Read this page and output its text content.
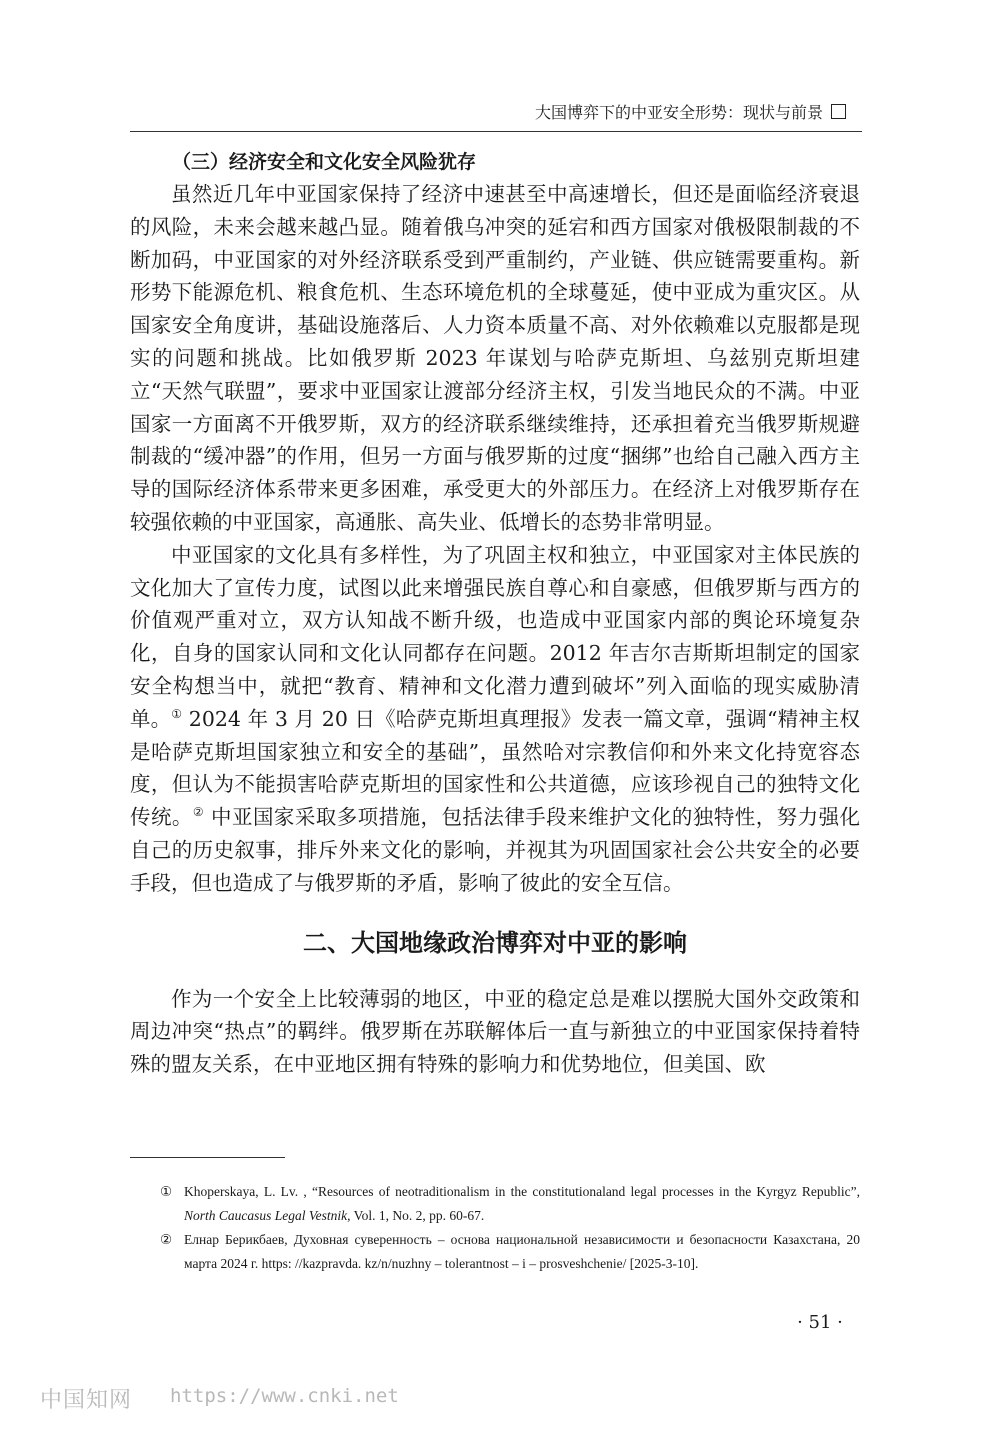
大国博弈下的中亚安全形势：现状与前景

（三）经济安全和文化安全风险犹存

虽然近几年中亚国家保持了经济中速甚至中高速增长，但还是面临经济衰退的风险，未来会越来越凸显。随着俄乌冲突的延宕和西方国家对俄极限制裁的不断加码，中亚国家的对外经济联系受到严重制约，产业链、供应链需要重构。新形势下能源危机、粮食危机、生态环境危机的全球蔓延，使中亚成为重灾区。从国家安全角度讲，基础设施落后、人力资本质量不高、对外依赖难以克服都是现实的问题和挑战。比如俄罗斯 2023 年谋划与哈萨克斯坦、乌兹别克斯坦建立“天然气联盟”，要求中亚国家让渡部分经济主权，引发当地民众的不满。中亚国家一方面离不开俄罗斯，双方的经济联系继续维持，还承担着充当俄罗斯规避制裁的“缓冲器”的作用，但另一方面与俄罗斯的过度“捆绑”也给自己融入西方主导的国际经济体系带来更多困难，承受更大的外部压力。在经济上对俄罗斯存在较强依赖的中亚国家，高通胀、高失业、低增长的态势非常明显。

中亚国家的文化具有多样性，为了巩固主权和独立，中亚国家对主体民族的文化加大了宣传力度，试图以此来增强民族自尊心和自豪感，但俄罗斯与西方的价值观严重对立，双方认知战不断升级，也造成中亚国家内部的舆论环境复杂化，自身的国家认同和文化认同都存在问题。2012 年吉尔吉斯斯坦制定的国家安全构想当中，就把“教育、精神和文化潜力遭到破坏”列入面临的现实威胁清单。① 2024 年 3 月 20 日《哈萨克斯坦真理报》发表一篇文章，强调“精神主权是哈萨克斯坦国家独立和安全的基础”，虽然哈对宗教信仰和外来文化持宽容态度，但认为不能损害哈萨克斯坦的国家性和公共道德，应该珍视自己的独特文化传统。② 中亚国家采取多项措施，包括法律手段来维护文化的独特性，努力强化自己的历史叙事，排斥外来文化的影响，并视其为巩固国家社会公共安全的必要手段，但也造成了与俄罗斯的矛盾，影响了彼此的安全互信。

二、大国地缘政治博弈对中亚的影响

作为一个安全上比较薄弱的地区，中亚的稳定总是难以摆脱大国外交政策和周边冲突“热点”的羁绊。俄罗斯在苏联解体后一直与新独立的中亚国家保持着特殊的盟友关系，在中亚地区拥有特殊的影响力和优势地位，但美国、欧

① Khoperskaya, L. Lv. , “Resources of neotraditionalism in the constitutionaland legal processes in the Kyrgyz Republic”, North Caucasus Legal Vestnik, Vol. 1, No. 2, pp. 60-67.

② Елнар Берикбаев, Духовная суверенность – основа национальной независимости и безопасности Казахстана, 20 марта 2024 г. https: //kazpravda. kz/n/nuzhny – tolerantnost – i – prosveshchenie/ [2025-3-10].

· 51 ·
中国知网 https://www.cnki.net
